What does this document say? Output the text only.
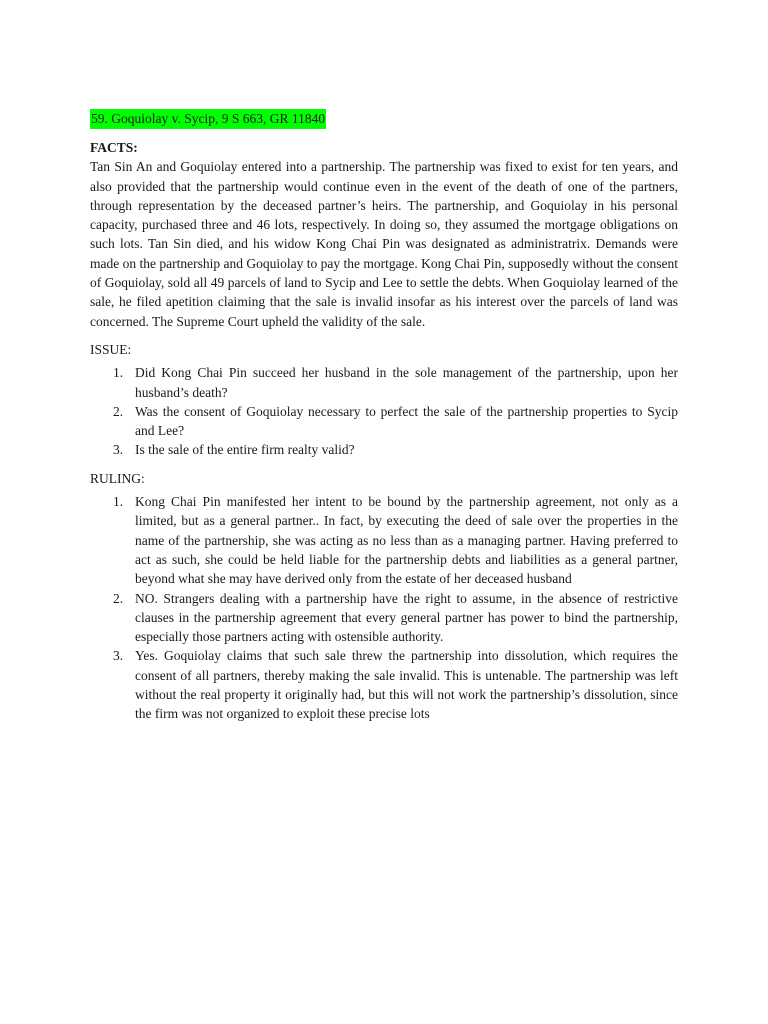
59. Goquiolay v. Sycip, 9 S 663, GR 11840

FACTS:

Tan Sin An and Goquiolay entered into a partnership. The partnership was fixed to exist for ten years, and also provided that the partnership would continue even in the event of the death of one of the partners, through representation by the deceased partner’s heirs. The partnership, and Goquiolay in his personal capacity, purchased three and 46 lots, respectively. In doing so, they assumed the mortgage obligations on such lots. Tan Sin died, and his widow Kong Chai Pin was designated as administratrix. Demands were made on the partnership and Goquiolay to pay the mortgage. Kong Chai Pin, supposedly without the consent of Goquiolay, sold all 49 parcels of land to Sycip and Lee to settle the debts. When Goquiolay learned of the sale, he filed apetition claiming that the sale is invalid insofar as his interest over the parcels of land was concerned. The Supreme Court upheld the validity of the sale.

ISSUE:

1. Did Kong Chai Pin succeed her husband in the sole management of the partnership, upon her husband’s death?
2. Was the consent of Goquiolay necessary to perfect the sale of the partnership properties to Sycip and Lee?
3. Is the sale of the entire firm realty valid?

RULING:

1. Kong Chai Pin manifested her intent to be bound by the partnership agreement, not only as a limited, but as a general partner.. In fact, by executing the deed of sale over the properties in the name of the partnership, she was acting as no less than as a managing partner. Having preferred to act as such, she could be held liable for the partnership debts and liabilities as a general partner, beyond what she may have derived only from the estate of her deceased husband
2. NO. Strangers dealing with a partnership have the right to assume, in the absence of restrictive clauses in the partnership agreement that every general partner has power to bind the partnership, especially those partners acting with ostensible authority.
3. Yes. Goquiolay claims that such sale threw the partnership into dissolution, which requires the consent of all partners, thereby making the sale invalid. This is untenable. The partnership was left without the real property it originally had, but this will not work the partnership’s dissolution, since the firm was not organized to exploit these precise lots
